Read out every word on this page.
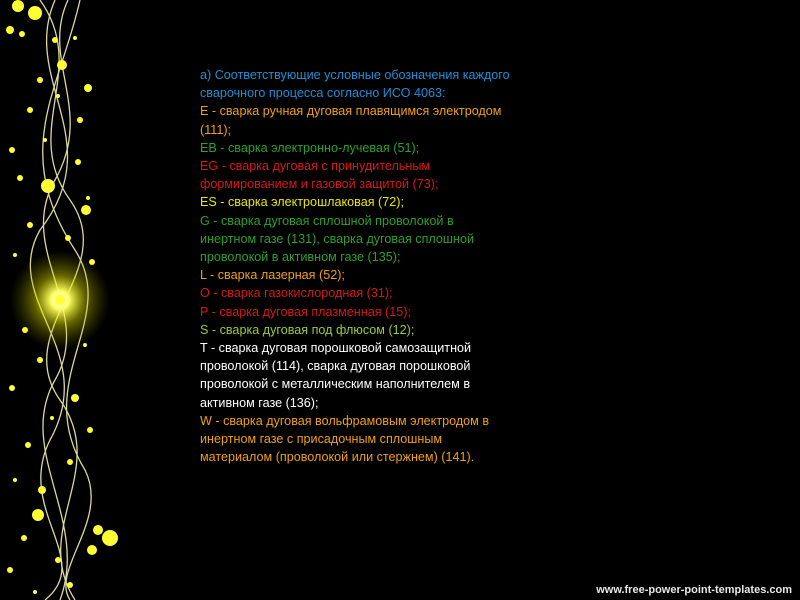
а) Соответствующие условные обозначения каждого
сварочного процесса согласно ИСО 4063:
E - сварка ручная дуговая плавящимся электродом
(111);
EB - сварка электронно-лучевая (51);
EG - сварка дуговая с принудительным
формированием и газовой защитой (73);
ES - сварка электрошлаковая (72);
G - сварка дуговая сплошной проволокой в
инертном газе (131), сварка дуговая сплошной
проволокой в активном газе (135);
L - сварка лазерная (52);
O - сварка газокислородная (31);
P - сварка дуговая плазменная (15);
S - сварка дуговая под флюсом (12);
T - сварка дуговая порошковой самозащитной
проволокой (114), сварка дуговая порошковой
проволокой с металлическим наполнителем в
активном газе (136);
W - сварка дуговая вольфрамовым электродом в
инертном газе с присадочным сплошным
материалом (проволокой или стержнем) (141).
www.free-power-point-templates.com
